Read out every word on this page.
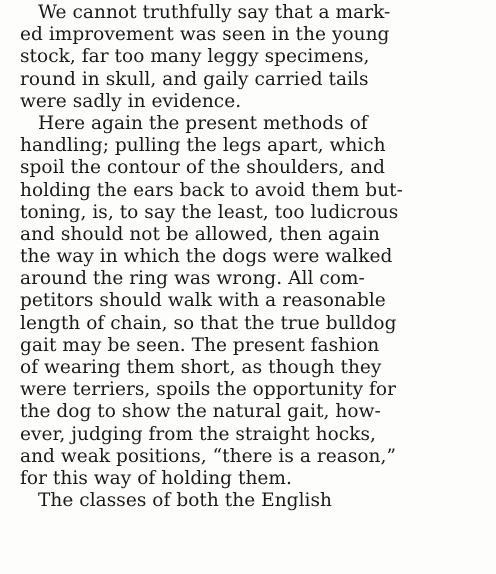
We cannot truthfully say that a mark-
ed improvement was seen in the young
stock, far too many leggy specimens,
round in skull, and gaily carried tails
were sadly in evidence.
Here again the present methods of
handling; pulling the legs apart, which
spoil the contour of the shoulders, and
holding the ears back to avoid them but-
toning, is, to say the least, too ludicrous
and should not be allowed, then again
the way in which the dogs were walked
around the ring was wrong. All com-
petitors should walk with a reasonable
length of chain, so that the true bulldog
gait may be seen. The present fashion
of wearing them short, as though they
were terriers, spoils the opportunity for
the dog to show the natural gait, how-
ever, judging from the straight hocks,
and weak positions, “there is a reason,”
for this way of holding them.
The classes of both the English
